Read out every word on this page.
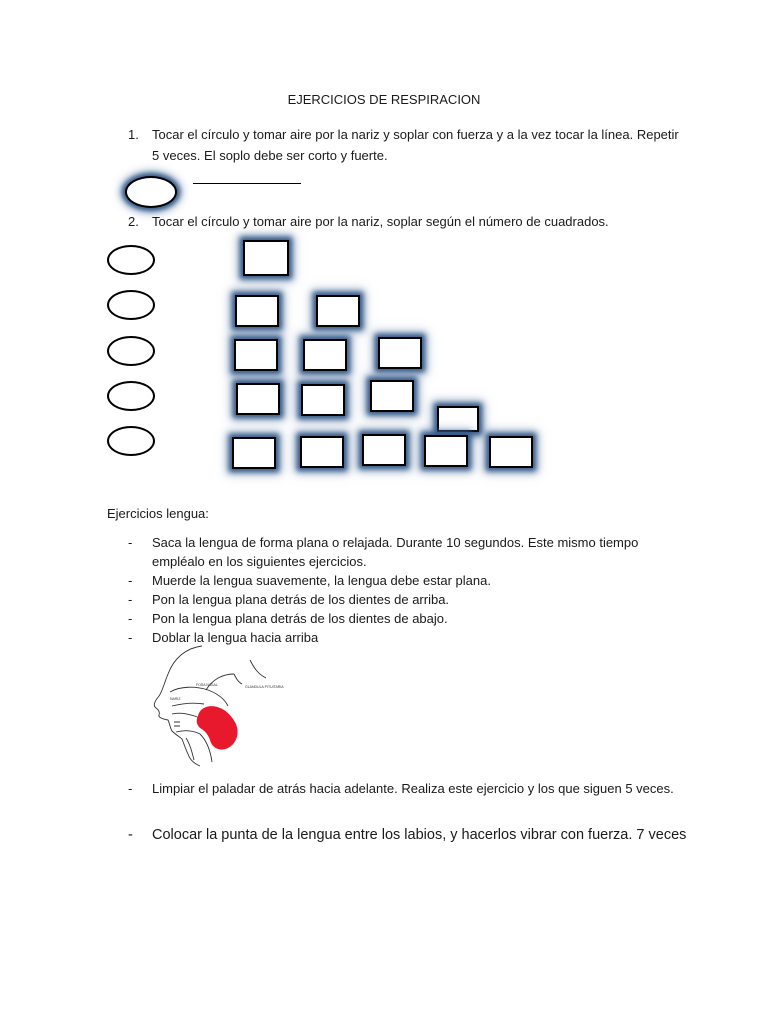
EJERCICIOS DE RESPIRACION
1.	Tocar el círculo y tomar aire por la nariz y soplar con fuerza y a la vez tocar la línea. Repetir
5 veces. El soplo debe ser corto y fuerte.
2.	Tocar el círculo y tomar aire por la nariz, soplar según el número de cuadrados.
Ejercicios lengua:
-	Saca la lengua de forma plana o relajada. Durante 10 segundos. Este mismo tiempo
empléalo en los siguientes ejercicios.
-	Muerde la lengua suavemente, la lengua debe estar plana.
-	Pon la lengua plana detrás de los dientes de arriba.
-	Pon la lengua plana detrás de los dientes de abajo.
-	Doblar la lengua hacia arriba
FOSA NASAL	GLANDULA PITUITARIA
NARIZ
-	Limpiar el paladar de atrás hacia adelante. Realiza este ejercicio y los que siguen 5 veces.
-	Colocar la punta de la lengua entre los labios, y hacerlos vibrar con fuerza. 7 veces
